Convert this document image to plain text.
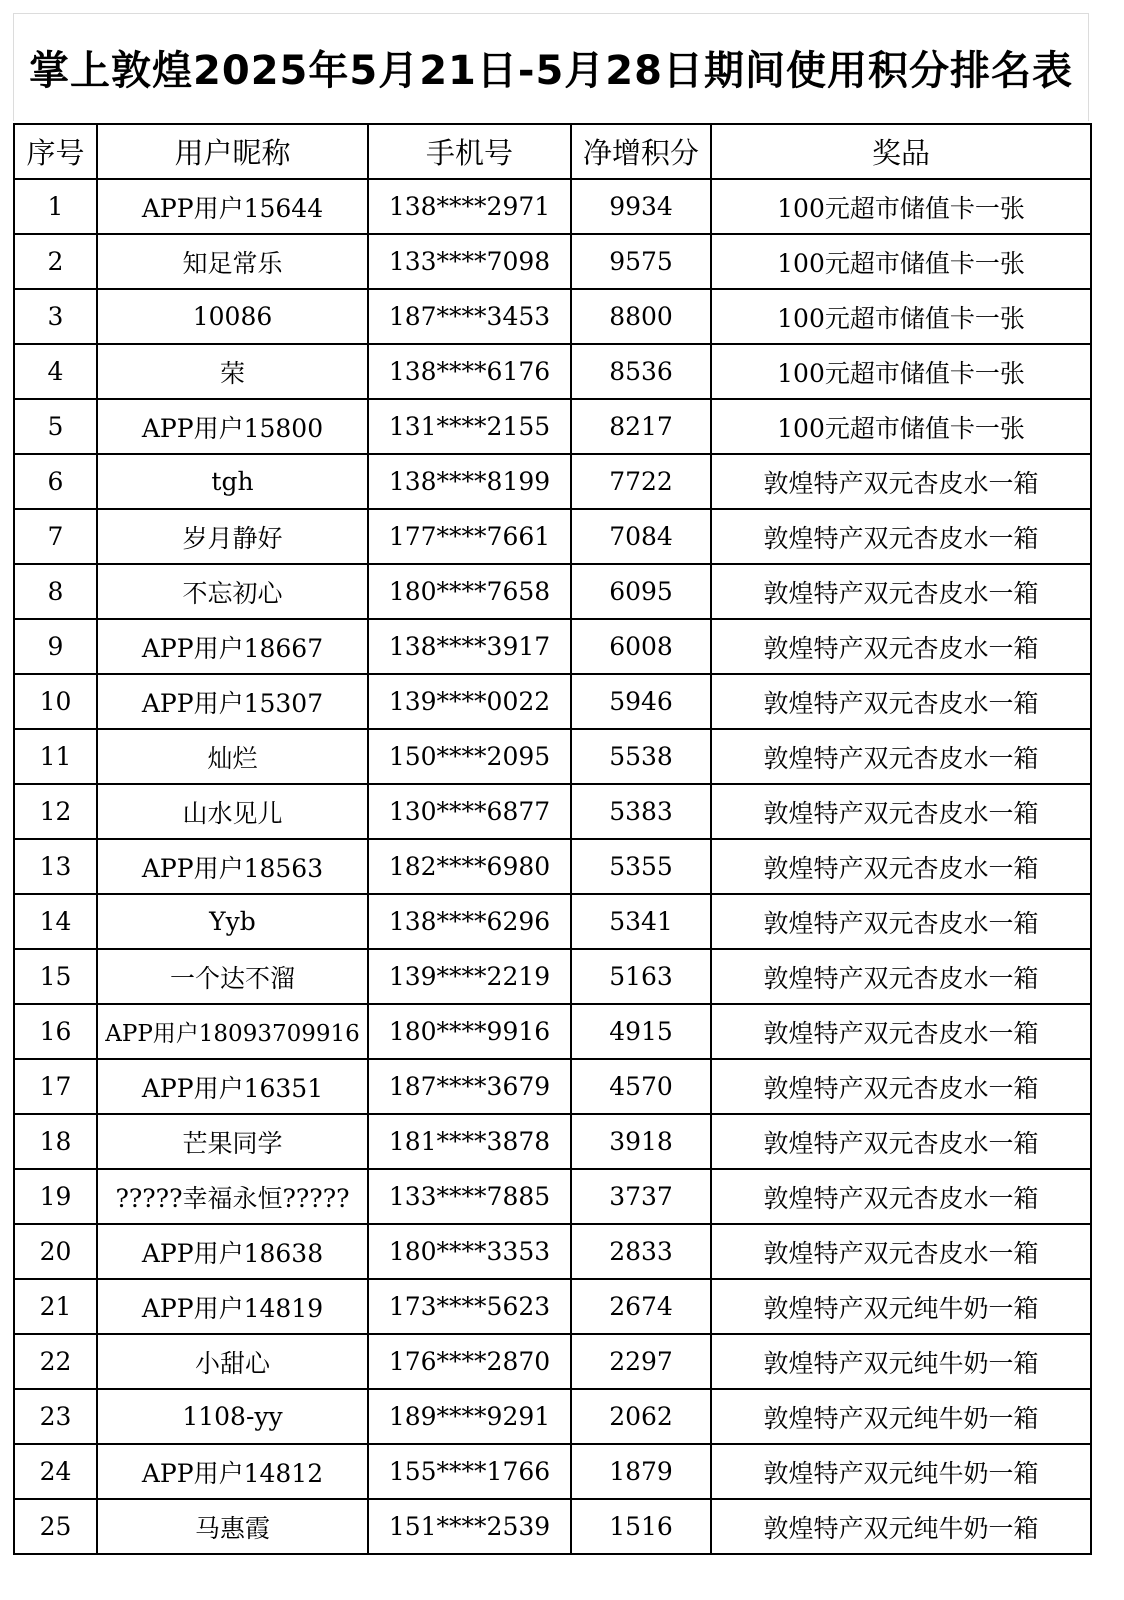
掌上敦煌2025年5月21日-5月28日期间使用积分排名表
序号	用户昵称	手机号	净增积分	奖品
1	APP用户15644	138****2971	9934	100元超市储值卡一张
2	知足常乐	133****7098	9575	100元超市储值卡一张
3	10086	187****3453	8800	100元超市储值卡一张
4	荣	138****6176	8536	100元超市储值卡一张
5	APP用户15800	131****2155	8217	100元超市储值卡一张
6	tgh	138****8199	7722	敦煌特产双元杏皮水一箱
7	岁月静好	177****7661	7084	敦煌特产双元杏皮水一箱
8	不忘初心	180****7658	6095	敦煌特产双元杏皮水一箱
9	APP用户18667	138****3917	6008	敦煌特产双元杏皮水一箱
10	APP用户15307	139****0022	5946	敦煌特产双元杏皮水一箱
11	灿烂	150****2095	5538	敦煌特产双元杏皮水一箱
12	山水见儿	130****6877	5383	敦煌特产双元杏皮水一箱
13	APP用户18563	182****6980	5355	敦煌特产双元杏皮水一箱
14	Yyb	138****6296	5341	敦煌特产双元杏皮水一箱
15	一个达不溜	139****2219	5163	敦煌特产双元杏皮水一箱
16	APP用户18093709916	180****9916	4915	敦煌特产双元杏皮水一箱
17	APP用户16351	187****3679	4570	敦煌特产双元杏皮水一箱
18	芒果同学	181****3878	3918	敦煌特产双元杏皮水一箱
19	?????幸福永恒?????	133****7885	3737	敦煌特产双元杏皮水一箱
20	APP用户18638	180****3353	2833	敦煌特产双元杏皮水一箱
21	APP用户14819	173****5623	2674	敦煌特产双元纯牛奶一箱
22	小甜心	176****2870	2297	敦煌特产双元纯牛奶一箱
23	1108-yy	189****9291	2062	敦煌特产双元纯牛奶一箱
24	APP用户14812	155****1766	1879	敦煌特产双元纯牛奶一箱
25	马惠霞	151****2539	1516	敦煌特产双元纯牛奶一箱
